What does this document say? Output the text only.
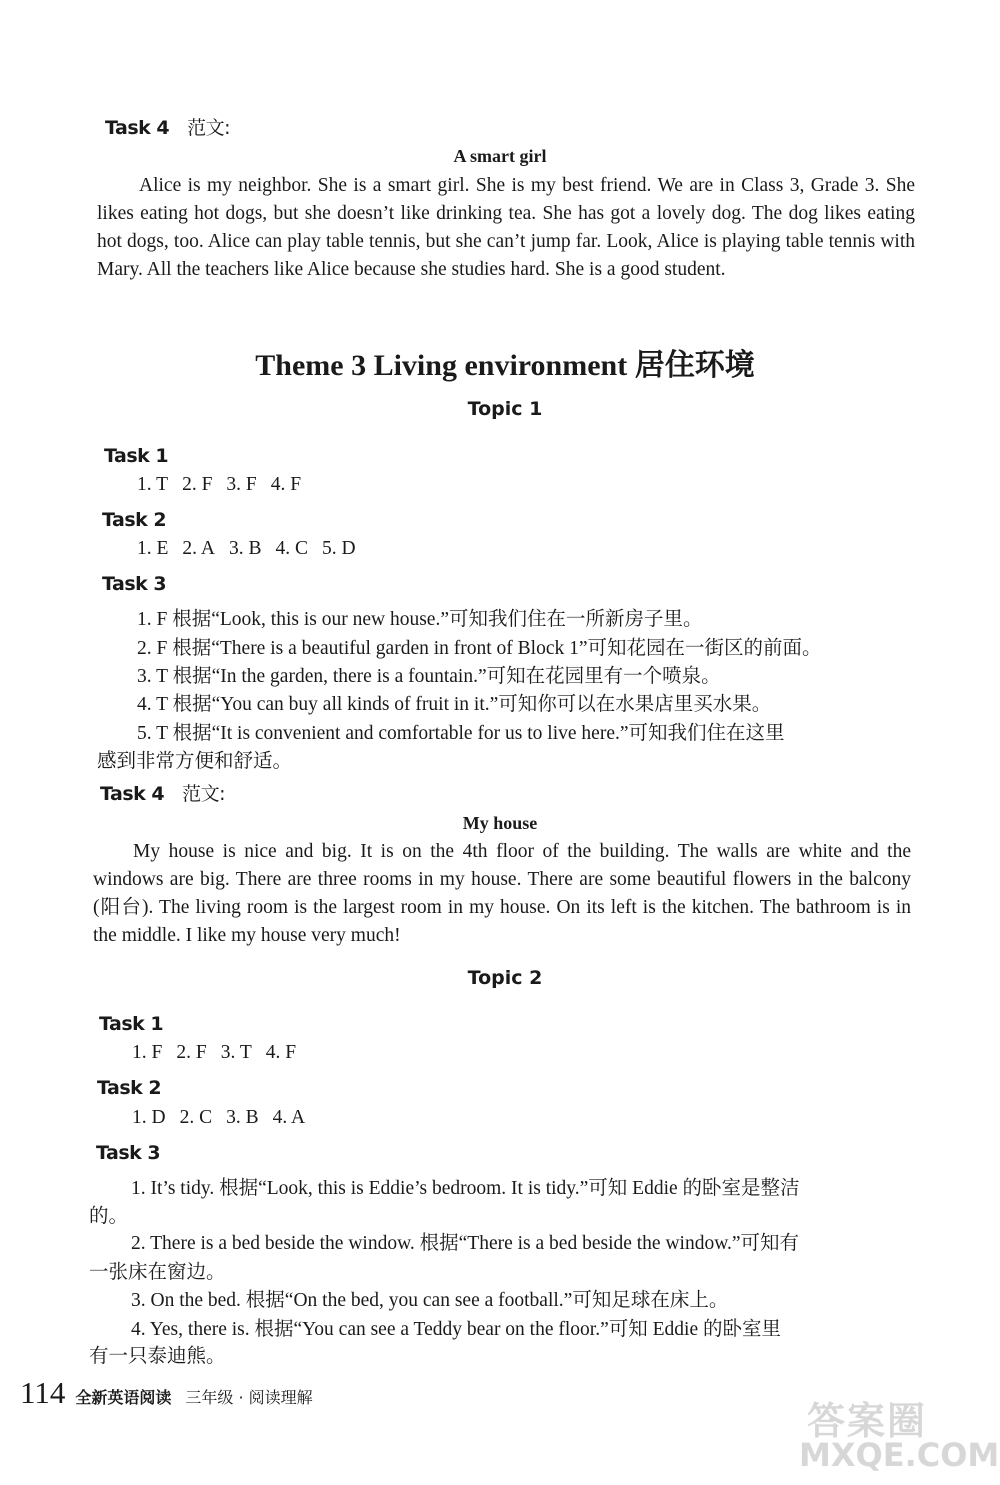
Task 4 范文:
A smart girl
Alice is my neighbor. She is a smart girl. She is my best friend. We are in Class 3, Grade 3. She likes eating hot dogs, but she doesn’t like drinking tea. She has got a lovely dog. The dog likes eating hot dogs, too. Alice can play table tennis, but she can’t jump far. Look, Alice is playing table tennis with Mary. All the teachers like Alice because she studies hard. She is a good student.
Theme 3 Living environment 居住环境
Topic 1
Task 1
1. T 2. F 3. F 4. F
Task 2
1. E 2. A 3. B 4. C 5. D
Task 3
1. F 根据“Look, this is our new house.”可知我们住在一所新房子里。
2. F 根据“There is a beautiful garden in front of Block 1”可知花园在一街区的前面。
3. T 根据“In the garden, there is a fountain.”可知在花园里有一个喷泉。
4. T 根据“You can buy all kinds of fruit in it.”可知你可以在水果店里买水果。
5. T 根据“It is convenient and comfortable for us to live here.”可知我们住在这里
感到非常方便和舒适。
Task 4 范文:
My house
My house is nice and big. It is on the 4th floor of the building. The walls are white and the windows are big. There are three rooms in my house. There are some beautiful flowers in the balcony (阳台). The living room is the largest room in my house. On its left is the kitchen. The bathroom is in the middle. I like my house very much!
Topic 2
Task 1
1. F 2. F 3. T 4. F
Task 2
1. D 2. C 3. B 4. A
Task 3
1. It’s tidy. 根据“Look, this is Eddie’s bedroom. It is tidy.”可知 Eddie 的卧室是整洁
的。
2. There is a bed beside the window. 根据“There is a bed beside the window.”可知有
一张床在窗边。
3. On the bed. 根据“On the bed, you can see a football.”可知足球在床上。
4. Yes, there is. 根据“You can see a Teddy bear on the floor.”可知 Eddie 的卧室里
有一只泰迪熊。
114 全新英语阅读 三年级 · 阅读理解
答案圈
MXQE.COM
